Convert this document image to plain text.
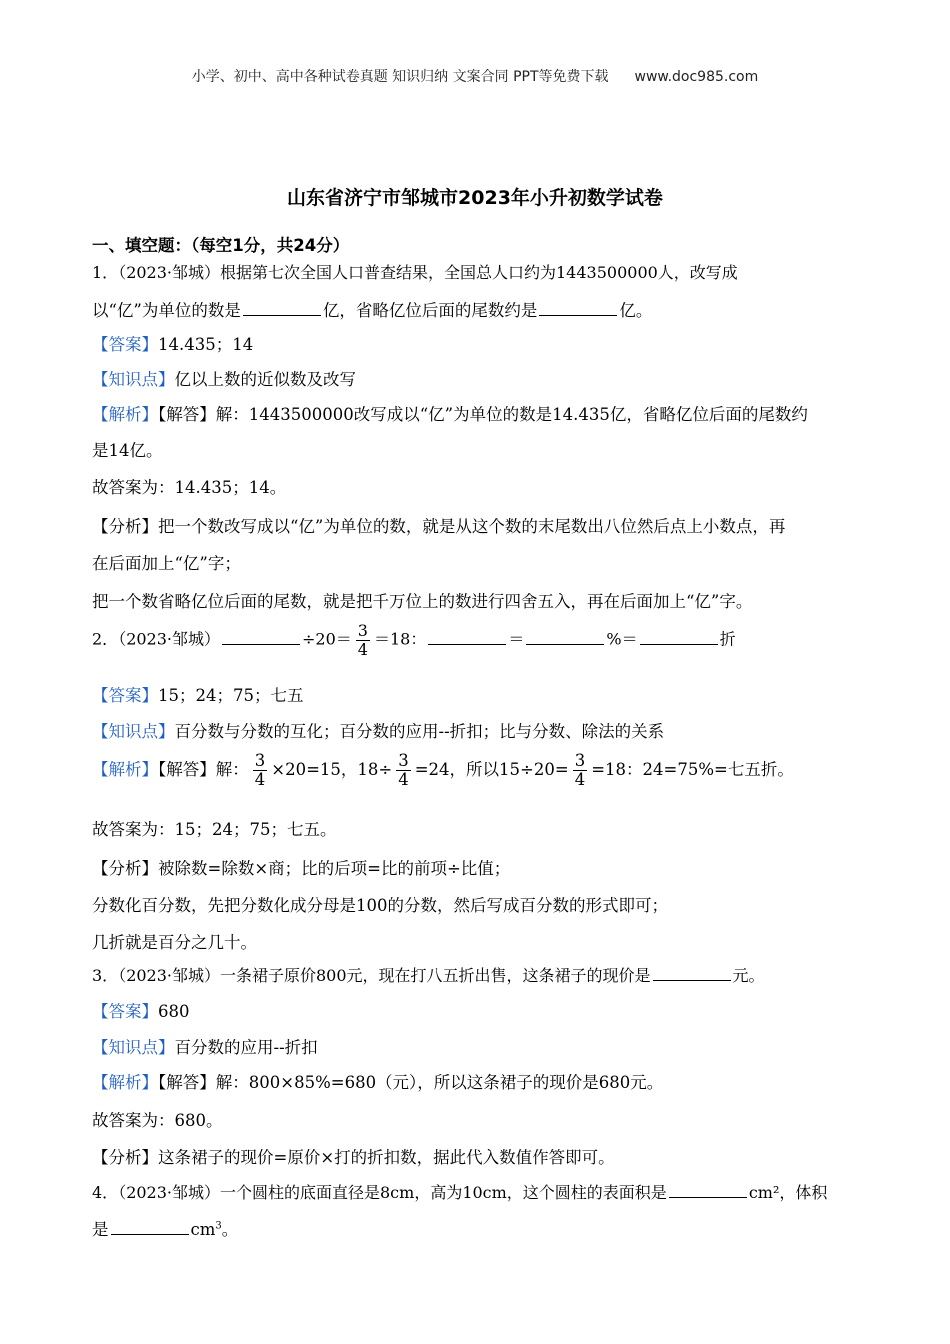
小学、初中、高中各种试卷真题 知识归纳 文案合同 PPT等免费下载 www.doc985.com
山东省济宁市邹城市2023年小升初数学试卷
一、填空题：（每空1分，共24分）
1．（2023·邹城）根据第七次全国人口普查结果，全国总人口约为1443500000人，改写成
以“亿”为单位的数是	亿，省略亿位后面的尾数约是	亿。
【答案】14.435；14
【知识点】亿以上数的近似数及改写
【解析】【解答】解：1443500000改写成以“亿”为单位的数是14.435亿，省略亿位后面的尾数约
是14亿。
故答案为：14.435；14。
【分析】把一个数改写成以“亿”为单位的数，就是从这个数的末尾数出八位然后点上小数点，再
在后面加上“亿”字；
把一个数省略亿位后面的尾数，就是把千万位上的数进行四舍五入，再在后面加上“亿”字。
2．（2023·邹城）	$\div 20= \frac{3}{4} =18$：	＝	%＝	折
【答案】15；24；75；七五
【知识点】百分数与分数的互化；百分数的应用--折扣；比与分数、除法的关系
【解析】【解答】解： $\frac{3}{4} \times 20=15$，$18\div \frac{3}{4} =24$，所以$15\div 20= \frac{3}{4} =18$：24=75%=七五折。
故答案为：15；24；75；七五。
【分析】被除数=除数×商；比的后项=比的前项÷比值；
分数化百分数，先把分数化成分母是100的分数，然后写成百分数的形式即可；
几折就是百分之几十。
3．（2023·邹城）一条裙子原价800元，现在打八五折出售，这条裙子的现价是	元。
【答案】680
【知识点】百分数的应用--折扣
【解析】【解答】解：800×85%=680（元），所以这条裙子的现价是680元。
故答案为：680。
【分析】这条裙子的现价=原价×打的折扣数，据此代入数值作答即可。
4．（2023·邹城）一个圆柱的底面直径是8cm，高为10cm，这个圆柱的表面积是	cm²，体积
是	$cm^3$。
